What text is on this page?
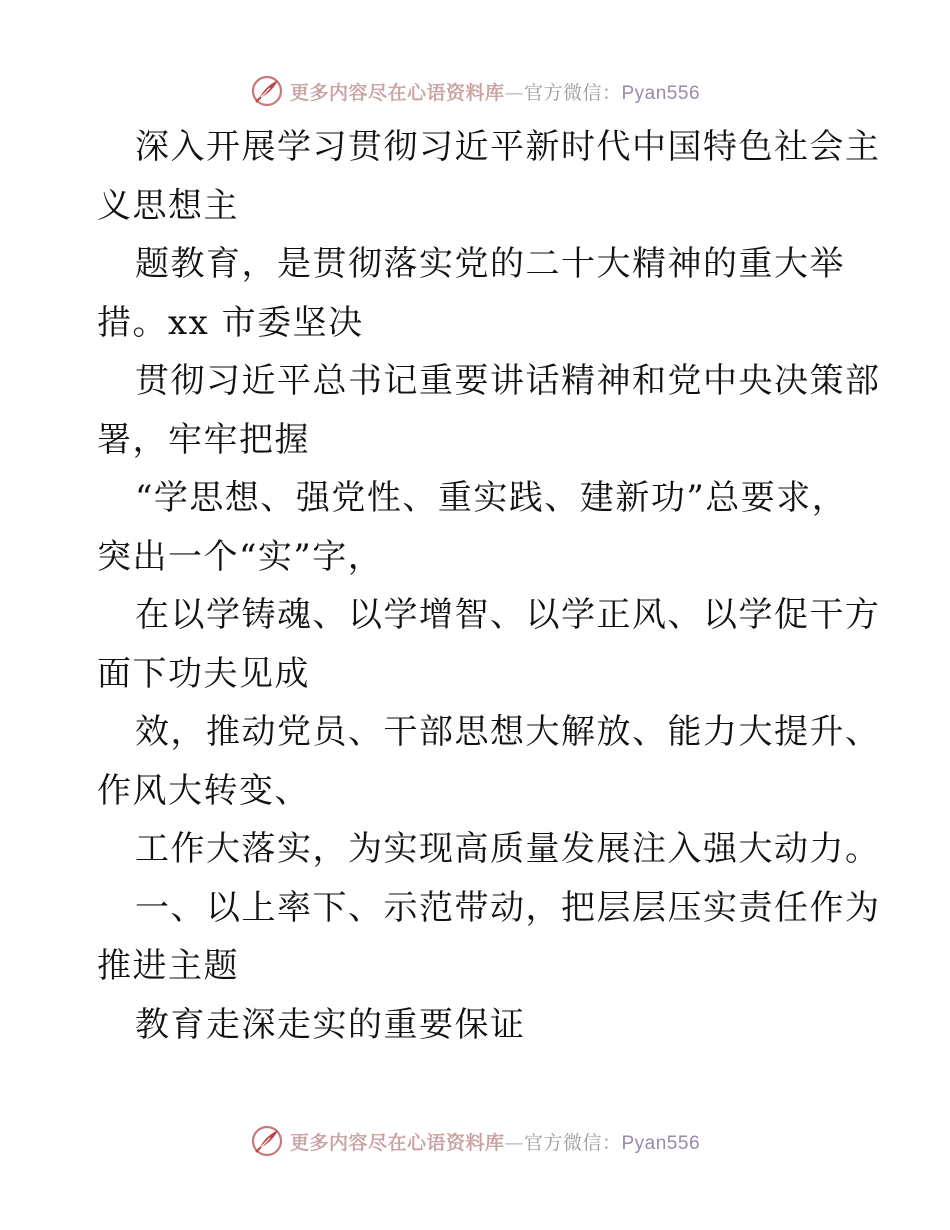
更多内容尽在心语资料库—官方微信：Pyan556
深入开展学习贯彻习近平新时代中国特色社会主
义思想主
题教育，是贯彻落实党的二十大精神的重大举
措。xx 市委坚决
贯彻习近平总书记重要讲话精神和党中央决策部
署，牢牢把握
“学思想、强党性、重实践、建新功”总要求，
突出一个“实”字，
在以学铸魂、以学增智、以学正风、以学促干方
面下功夫见成
效，推动党员、干部思想大解放、能力大提升、
作风大转变、
工作大落实，为实现高质量发展注入强大动力。
一、以上率下、示范带动，把层层压实责任作为
推进主题
教育走深走实的重要保证
更多内容尽在心语资料库—官方微信：Pyan556
